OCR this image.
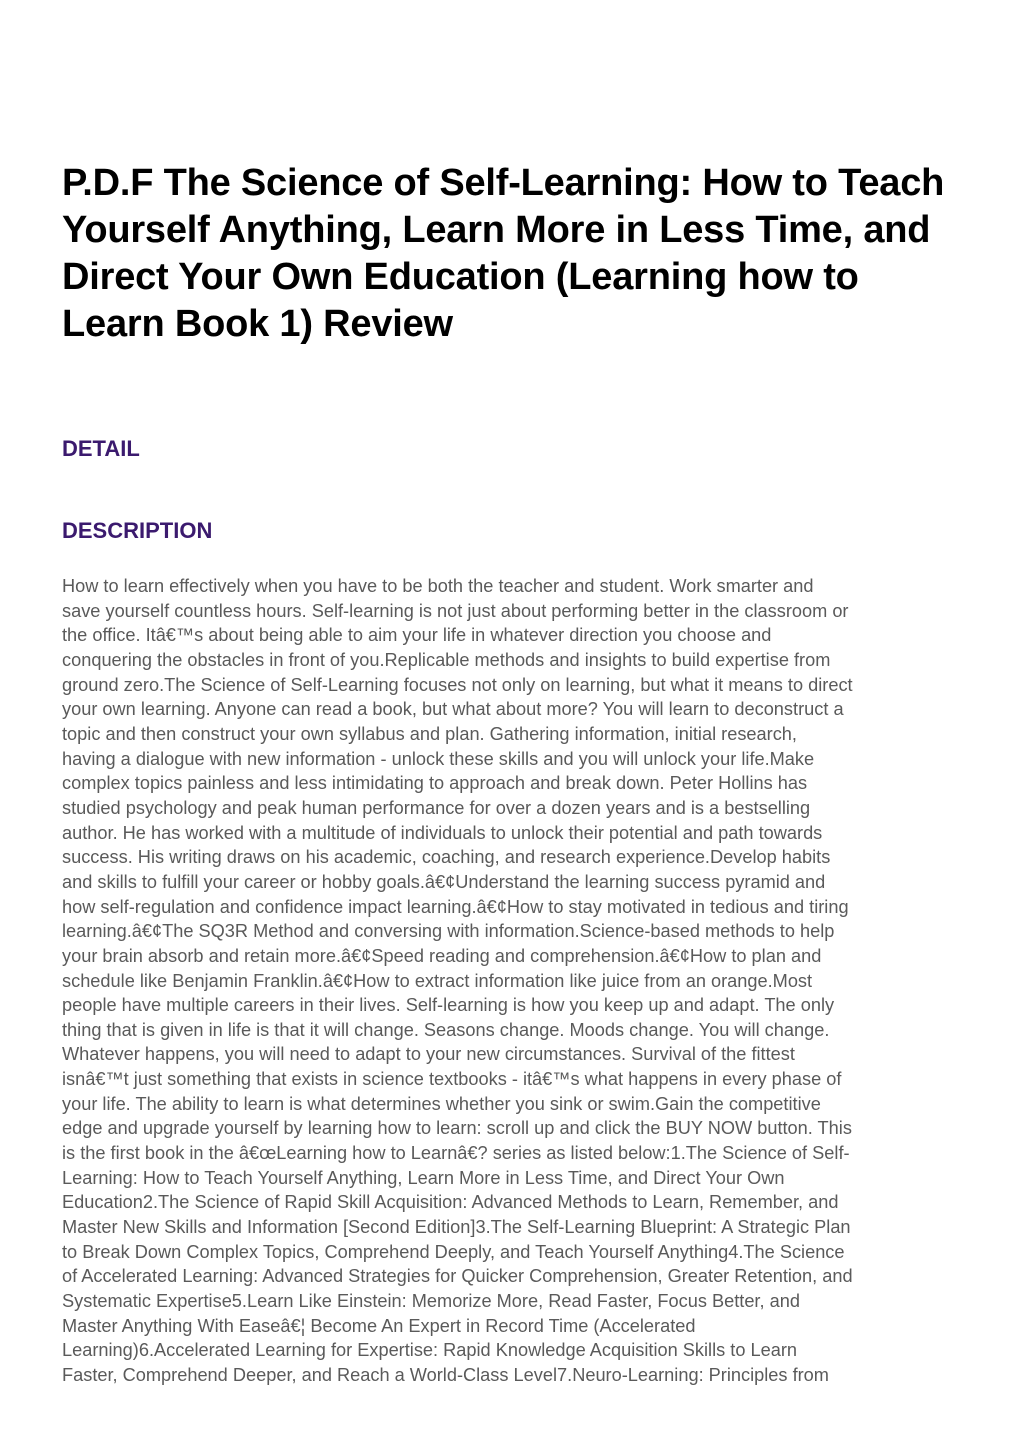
P.D.F The Science of Self-Learning: How to Teach Yourself Anything, Learn More in Less Time, and Direct Your Own Education (Learning how to Learn Book 1) Review
DETAIL
DESCRIPTION

How to learn effectively when you have to be both the teacher and student. Work smarter and
save yourself countless hours. Self-learning is not just about performing better in the classroom or
the office. Itâ€™s about being able to aim your life in whatever direction you choose and
conquering the obstacles in front of you.Replicable methods and insights to build expertise from
ground zero.The Science of Self-Learning focuses not only on learning, but what it means to direct
your own learning. Anyone can read a book, but what about more? You will learn to deconstruct a
topic and then construct your own syllabus and plan. Gathering information, initial research,
having a dialogue with new information - unlock these skills and you will unlock your life.Make
complex topics painless and less intimidating to approach and break down. Peter Hollins has
studied psychology and peak human performance for over a dozen years and is a bestselling
author. He has worked with a multitude of individuals to unlock their potential and path towards
success. His writing draws on his academic, coaching, and research experience.Develop habits
and skills to fulfill your career or hobby goals.â€¢Understand the learning success pyramid and
how self-regulation and confidence impact learning.â€¢How to stay motivated in tedious and tiring
learning.â€¢The SQ3R Method and conversing with information.Science-based methods to help
your brain absorb and retain more.â€¢Speed reading and comprehension.â€¢How to plan and
schedule like Benjamin Franklin.â€¢How to extract information like juice from an orange.Most
people have multiple careers in their lives. Self-learning is how you keep up and adapt. The only
thing that is given in life is that it will change. Seasons change. Moods change. You will change.
Whatever happens, you will need to adapt to your new circumstances. Survival of the fittest
isnâ€™t just something that exists in science textbooks - itâ€™s what happens in every phase of
your life. The ability to learn is what determines whether you sink or swim.Gain the competitive
edge and upgrade yourself by learning how to learn: scroll up and click the BUY NOW button. This
is the first book in the â€œLearning how to Learnâ€? series as listed below:1.The Science of Self-
Learning: How to Teach Yourself Anything, Learn More in Less Time, and Direct Your Own
Education2.The Science of Rapid Skill Acquisition: Advanced Methods to Learn, Remember, and
Master New Skills and Information [Second Edition]3.The Self-Learning Blueprint: A Strategic Plan
to Break Down Complex Topics, Comprehend Deeply, and Teach Yourself Anything4.The Science
of Accelerated Learning: Advanced Strategies for Quicker Comprehension, Greater Retention, and
Systematic Expertise5.Learn Like Einstein: Memorize More, Read Faster, Focus Better, and
Master Anything With Easeâ€¦ Become An Expert in Record Time (Accelerated
Learning)6.Accelerated Learning for Expertise: Rapid Knowledge Acquisition Skills to Learn
Faster, Comprehend Deeper, and Reach a World-Class Level7.Neuro-Learning: Principles from
